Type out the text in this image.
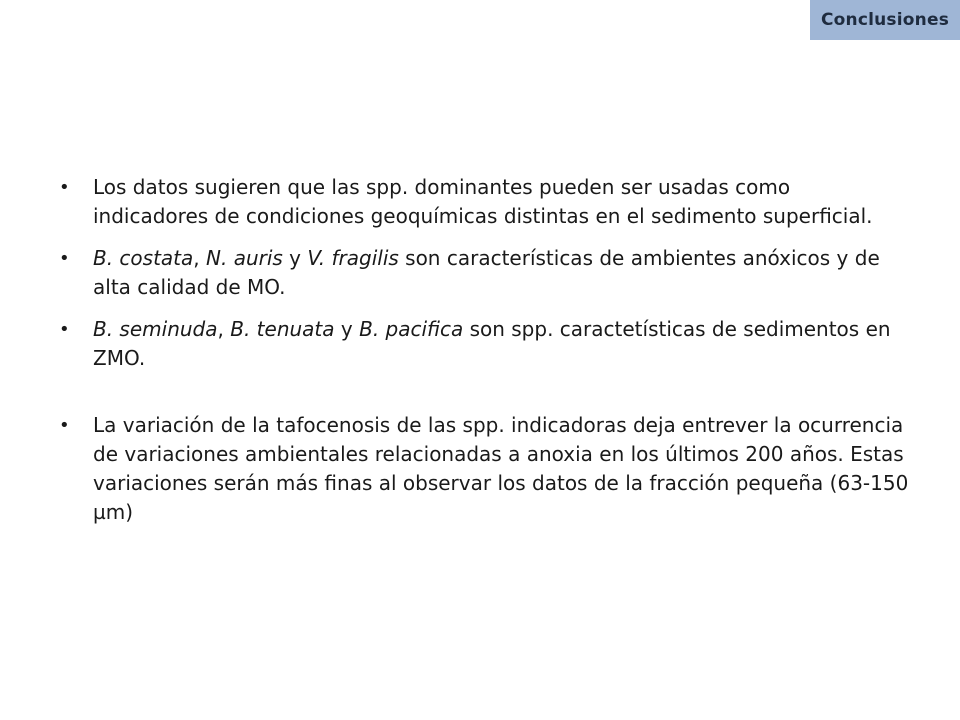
Conclusiones
• Los datos sugieren que las spp. dominantes pueden ser usadas como indicadores de condiciones geoquímicas distintas en el sedimento superficial.
• B. costata, N. auris y V. fragilis son características de ambientes anóxicos y de alta calidad de MO.
• B. seminuda, B. tenuata y B. pacifica son spp. caractetísticas de sedimentos en ZMO.
• La variación de la tafocenosis de las spp. indicadoras deja entrever la ocurrencia de variaciones ambientales relacionadas a anoxia en los últimos 200 años. Estas variaciones serán más finas al observar los datos de la fracción pequeña (63-150 µm)
